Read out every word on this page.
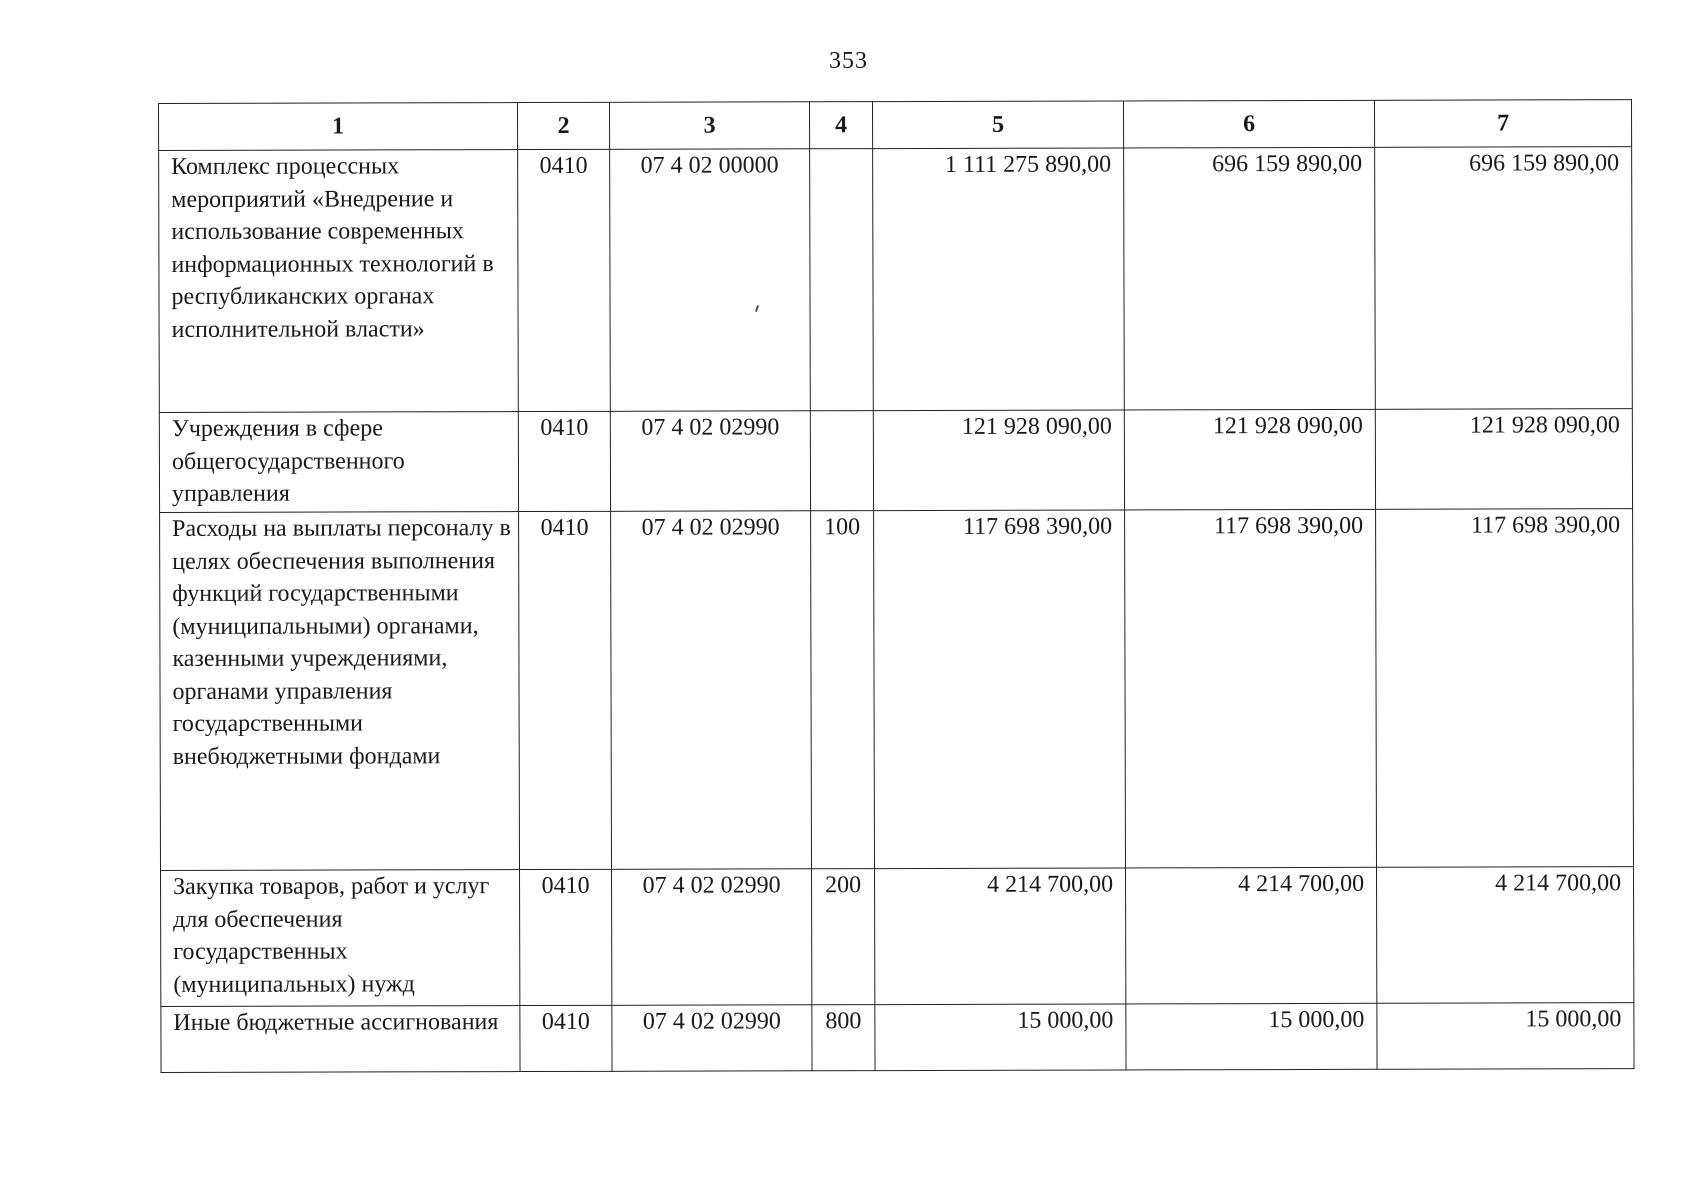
353
1	2	3	4	5	6	7
Комплекс процессных мероприятий «Внедрение и использование современных информационных технологий в республиканских органах исполнительной власти»	0410	07 4 02 00000		1 111 275 890,00	696 159 890,00	696 159 890,00
Учреждения в сфере общегосударственного управления	0410	07 4 02 02990		121 928 090,00	121 928 090,00	121 928 090,00
Расходы на выплаты персоналу в целях обеспечения выполнения функций государственными (муниципальными) органами, казенными учреждениями, органами управления государственными внебюджетными фондами	0410	07 4 02 02990	100	117 698 390,00	117 698 390,00	117 698 390,00
Закупка товаров, работ и услуг для обеспечения государственных (муниципальных) нужд	0410	07 4 02 02990	200	4 214 700,00	4 214 700,00	4 214 700,00
Иные бюджетные ассигнования	0410	07 4 02 02990	800	15 000,00	15 000,00	15 000,00
